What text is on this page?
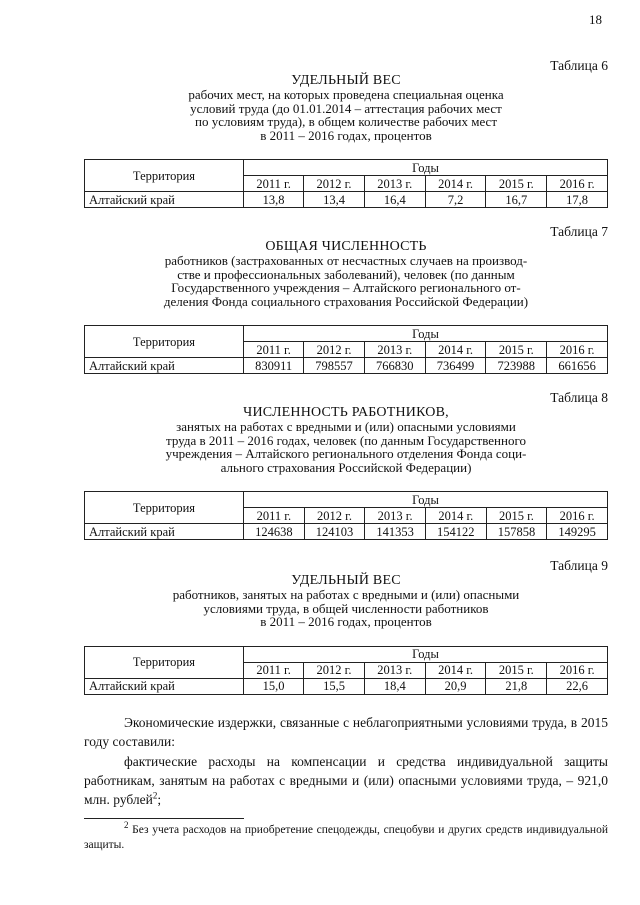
18
Таблица 6
УДЕЛЬНЫЙ ВЕС
рабочих мест, на которых проведена специальная оценка
условий труда (до 01.01.2014 – аттестация рабочих мест
по условиям труда), в общем количестве рабочих мест
в 2011 – 2016 годах, процентов
Территория	Годы					
	2011 г.	2012 г.	2013 г.	2014 г.	2015 г.	2016 г.
Алтайский край	13,8	13,4	16,4	7,2	16,7	17,8
Таблица 7
ОБЩАЯ ЧИСЛЕННОСТЬ
работников (застрахованных от несчастных случаев на производ-
стве и профессиональных заболеваний), человек (по данным
Государственного учреждения – Алтайского регионального от-
деления Фонда социального страхования Российской Федерации)
Территория	Годы					
	2011 г.	2012 г.	2013 г.	2014 г.	2015 г.	2016 г.
Алтайский край	830911	798557	766830	736499	723988	661656
Таблица 8
ЧИСЛЕННОСТЬ РАБОТНИКОВ,
занятых на работах с вредными и (или) опасными условиями
труда в 2011 – 2016 годах, человек (по данным Государственного
учреждения – Алтайского регионального отделения Фонда соци-
ального страхования Российской Федерации)
Территория	Годы					
	2011 г.	2012 г.	2013 г.	2014 г.	2015 г.	2016 г.
Алтайский край	124638	124103	141353	154122	157858	149295
Таблица 9
УДЕЛЬНЫЙ ВЕС
работников, занятых на работах с вредными и (или) опасными
условиями труда, в общей численности работников
в 2011 – 2016 годах, процентов
Территория	Годы					
	2011 г.	2012 г.	2013 г.	2014 г.	2015 г.	2016 г.
Алтайский край	15,0	15,5	18,4	20,9	21,8	22,6
Экономические издержки, связанные с неблагоприятными условиями труда, в 2015 году составили:
фактические расходы на компенсации и средства индивидуальной защиты работникам, занятым на работах с вредными и (или) опасными условиями труда, – 921,0 млн. рублей$^2$;
$^2$ Без учета расходов на приобретение спецодежды, спецобуви и других средств индивидуальной защиты.
